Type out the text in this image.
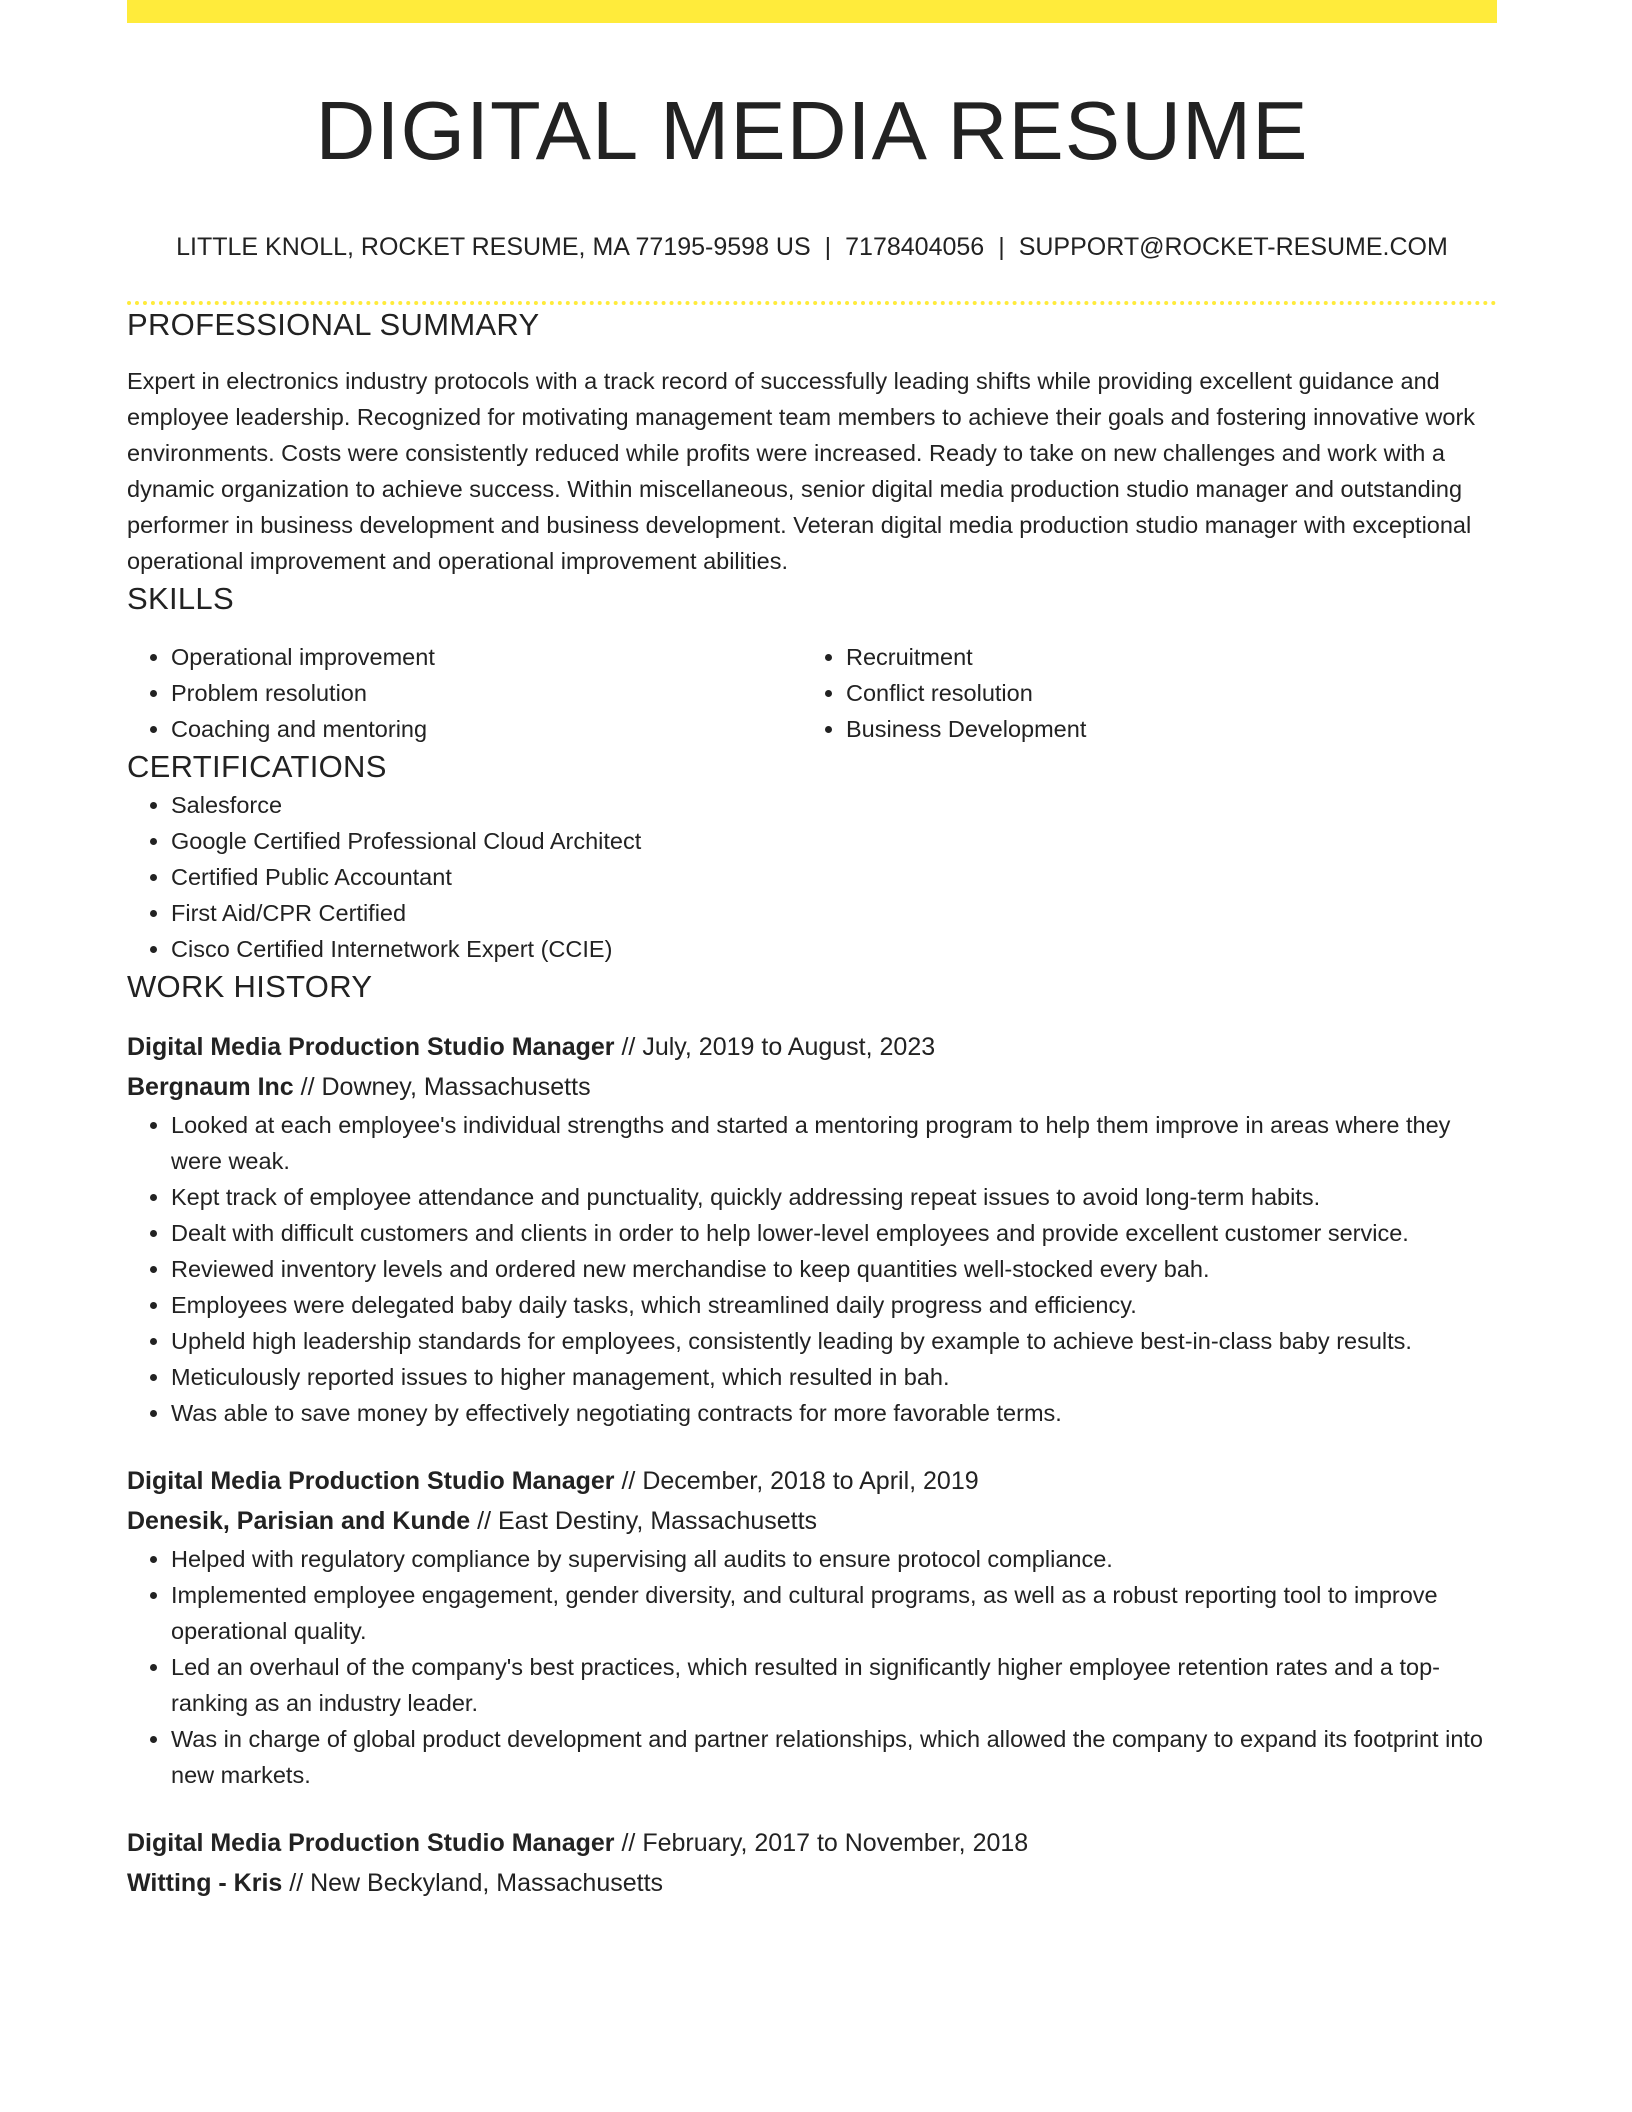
DIGITAL MEDIA RESUME
LITTLE KNOLL, ROCKET RESUME, MA 77195-9598 US | 7178404056 | SUPPORT@ROCKET-RESUME.COM
PROFESSIONAL SUMMARY
Expert in electronics industry protocols with a track record of successfully leading shifts while providing excellent guidance and employee leadership. Recognized for motivating management team members to achieve their goals and fostering innovative work environments. Costs were consistently reduced while profits were increased. Ready to take on new challenges and work with a dynamic organization to achieve success. Within miscellaneous, senior digital media production studio manager and outstanding performer in business development and business development. Veteran digital media production studio manager with exceptional operational improvement and operational improvement abilities.
SKILLS
• Operational improvement
• Problem resolution
• Coaching and mentoring
• Recruitment
• Conflict resolution
• Business Development
CERTIFICATIONS
• Salesforce
• Google Certified Professional Cloud Architect
• Certified Public Accountant
• First Aid/CPR Certified
• Cisco Certified Internetwork Expert (CCIE)
WORK HISTORY
Digital Media Production Studio Manager // July, 2019 to August, 2023
Bergnaum Inc // Downey, Massachusetts
• Looked at each employee's individual strengths and started a mentoring program to help them improve in areas where they were weak.
• Kept track of employee attendance and punctuality, quickly addressing repeat issues to avoid long-term habits.
• Dealt with difficult customers and clients in order to help lower-level employees and provide excellent customer service.
• Reviewed inventory levels and ordered new merchandise to keep quantities well-stocked every bah.
• Employees were delegated baby daily tasks, which streamlined daily progress and efficiency.
• Upheld high leadership standards for employees, consistently leading by example to achieve best-in-class baby results.
• Meticulously reported issues to higher management, which resulted in bah.
• Was able to save money by effectively negotiating contracts for more favorable terms.
Digital Media Production Studio Manager // December, 2018 to April, 2019
Denesik, Parisian and Kunde // East Destiny, Massachusetts
• Helped with regulatory compliance by supervising all audits to ensure protocol compliance.
• Implemented employee engagement, gender diversity, and cultural programs, as well as a robust reporting tool to improve operational quality.
• Led an overhaul of the company's best practices, which resulted in significantly higher employee retention rates and a top-ranking as an industry leader.
• Was in charge of global product development and partner relationships, which allowed the company to expand its footprint into new markets.
Digital Media Production Studio Manager // February, 2017 to November, 2018
Witting - Kris // New Beckyland, Massachusetts
